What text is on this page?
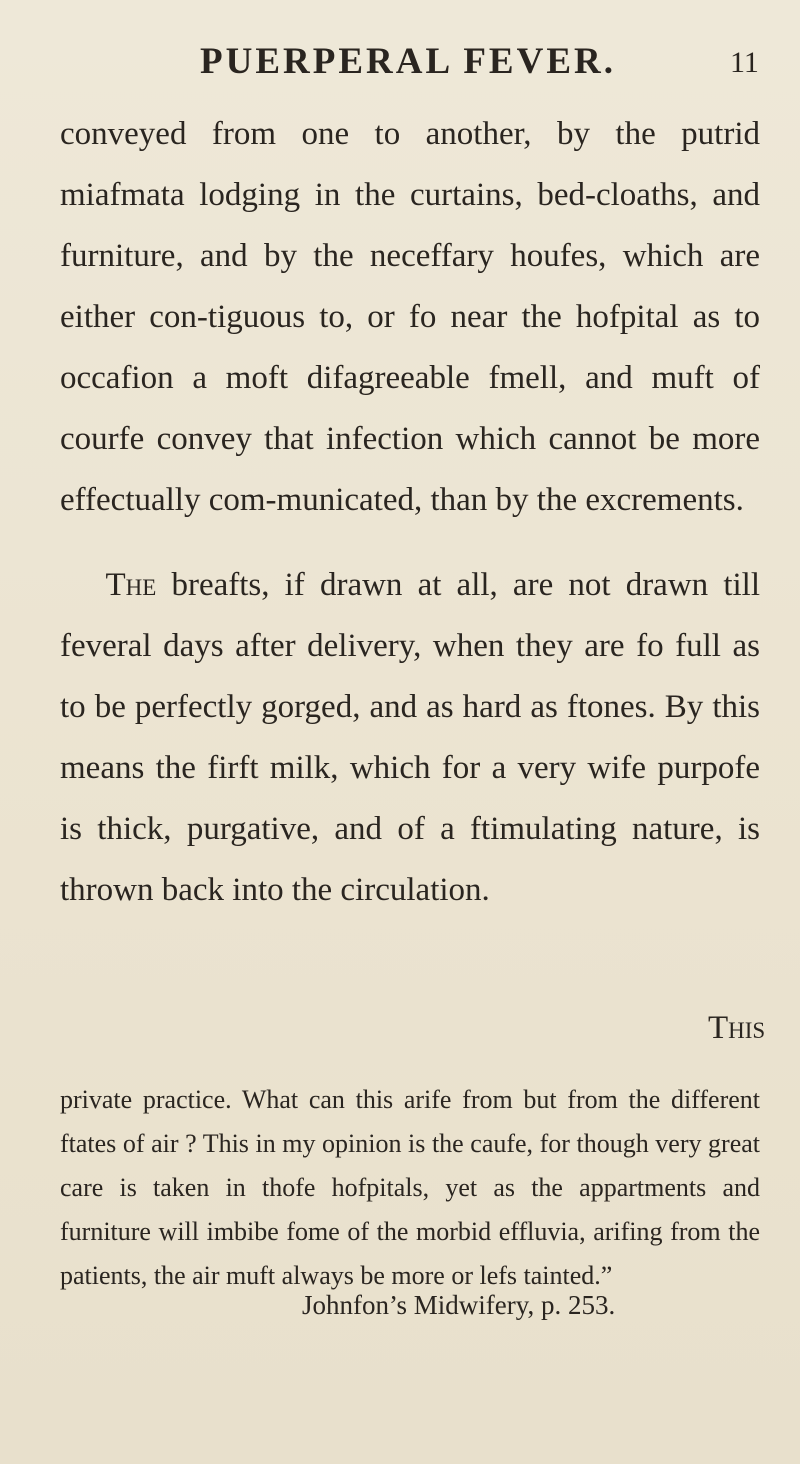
PUERPERAL FEVER.	11

conveyed from one to another, by the putrid miafmata lodging in the curtains, bed-cloaths, and furniture, and by the neceffary houfes, which are either con-tiguous to, or fo near the hofpital as to occafion a moft difagreeable fmell, and muft of courfe convey that infection which cannot be more effectually com-municated, than by the excrements.

The breafts, if drawn at all, are not drawn till feveral days after delivery, when they are fo full as to be perfectly gorged, and as hard as ftones. By this means the firft milk, which for a very wife purpofe is thick, purgative, and of a ftimulating nature, is thrown back into the circulation.

This

private practice. What can this arife from but from the different ftates of air ? This in my opinion is the caufe, for though very great care is taken in thofe hofpitals, yet as the appartments and furniture will imbibe fome of the morbid effluvia, arifing from the patients, the air muft always be more or lefs tainted.”

Johnfon’s Midwifery, p. 253.
